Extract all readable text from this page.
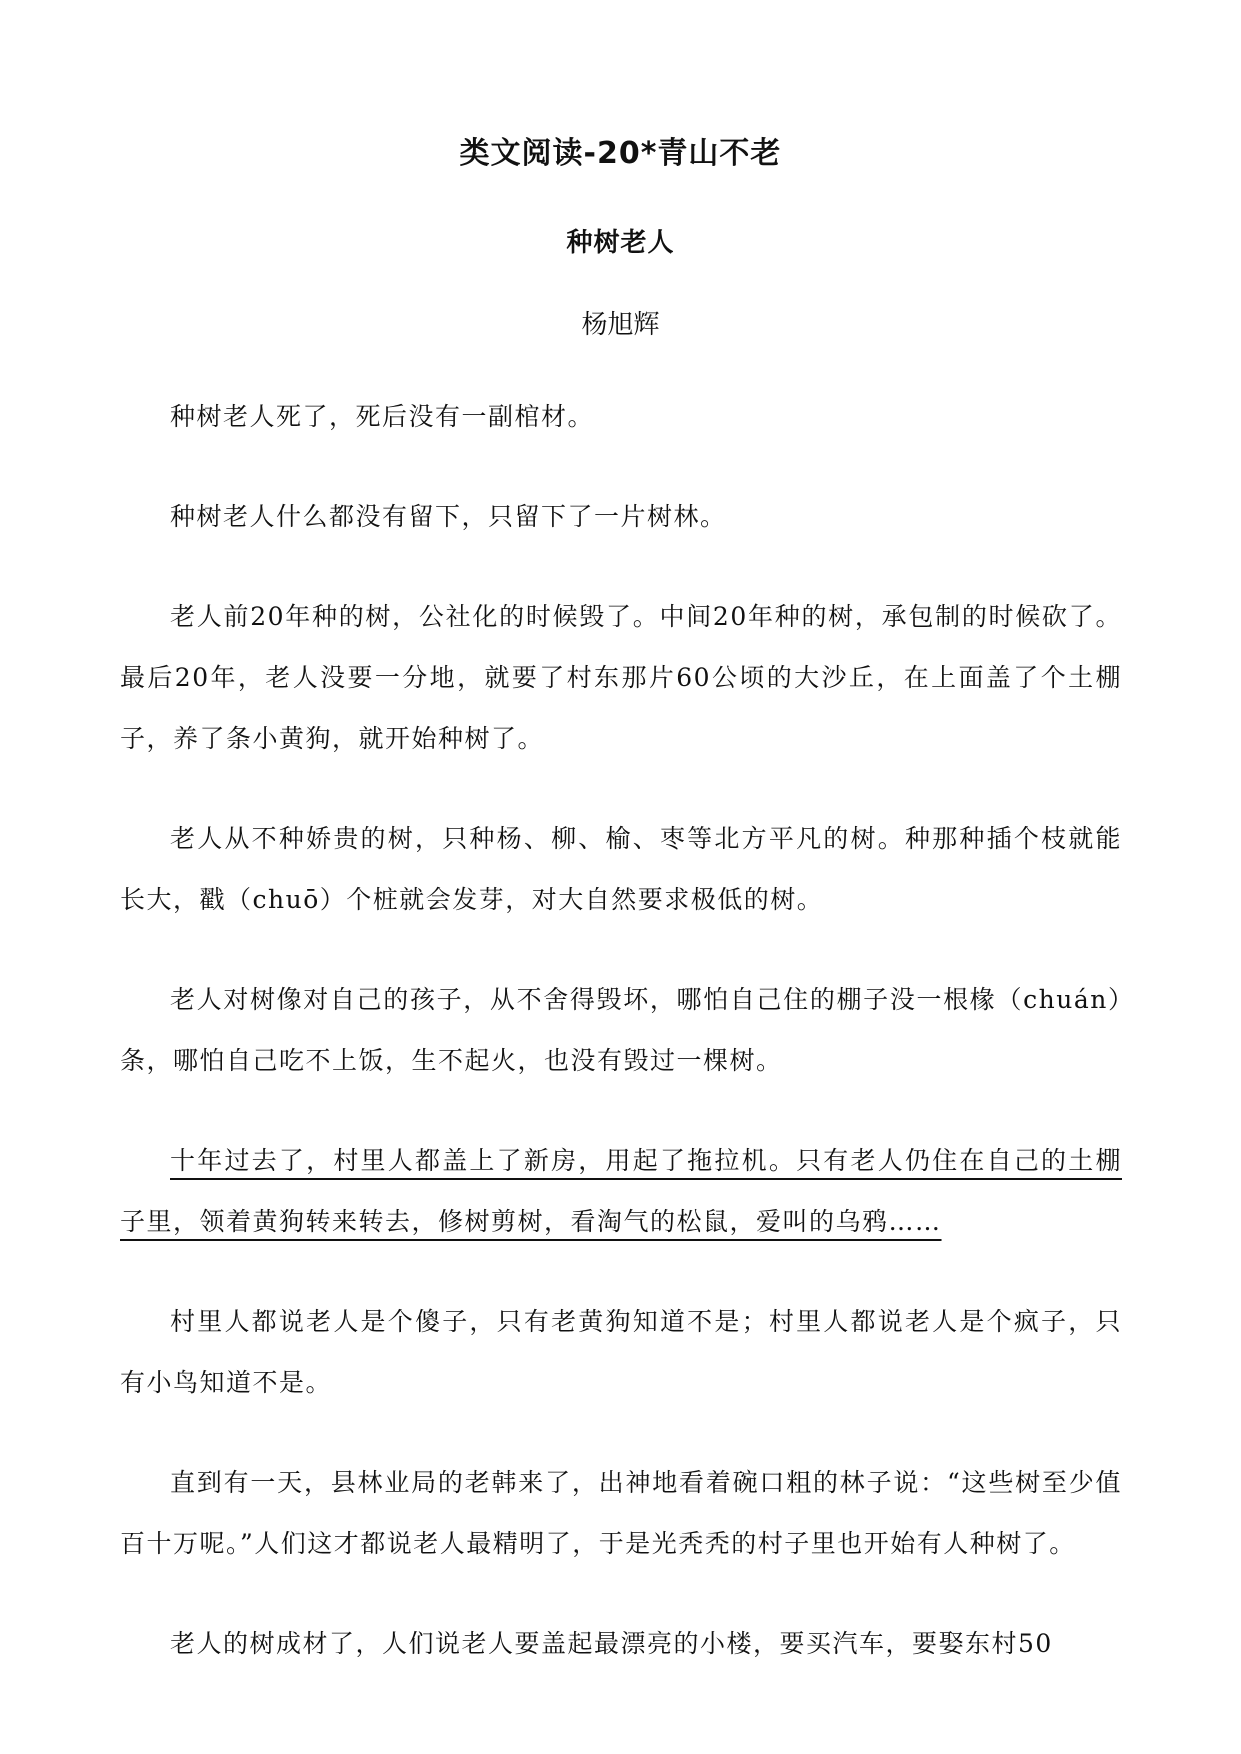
类文阅读-20*青山不老
种树老人

杨旭辉

种树老人死了，死后没有一副棺材。

种树老人什么都没有留下，只留下了一片树林。

老人前20年种的树，公社化的时候毁了。中间20年种的树，承包制的时候砍了。最后20年，老人没要一分地，就要了村东那片60公顷的大沙丘，在上面盖了个土棚子，养了条小黄狗，就开始种树了。

老人从不种娇贵的树，只种杨、柳、榆、枣等北方平凡的树。种那种插个枝就能长大，戳（chuō）个桩就会发芽，对大自然要求极低的树。

老人对树像对自己的孩子，从不舍得毁坏，哪怕自己住的棚子没一根椽（chuán）条，哪怕自己吃不上饭，生不起火，也没有毁过一棵树。

十年过去了，村里人都盖上了新房，用起了拖拉机。只有老人仍住在自己的土棚子里，领着黄狗转来转去，修树剪树，看淘气的松鼠，爱叫的乌鸦……

村里人都说老人是个傻子，只有老黄狗知道不是；村里人都说老人是个疯子，只有小鸟知道不是。

直到有一天，县林业局的老韩来了，出神地看着碗口粗的林子说：“这些树至少值百十万呢。”人们这才都说老人最精明了，于是光秃秃的村子里也开始有人种树了。

老人的树成材了，人们说老人要盖起最漂亮的小楼，要买汽车，要娶东村50
